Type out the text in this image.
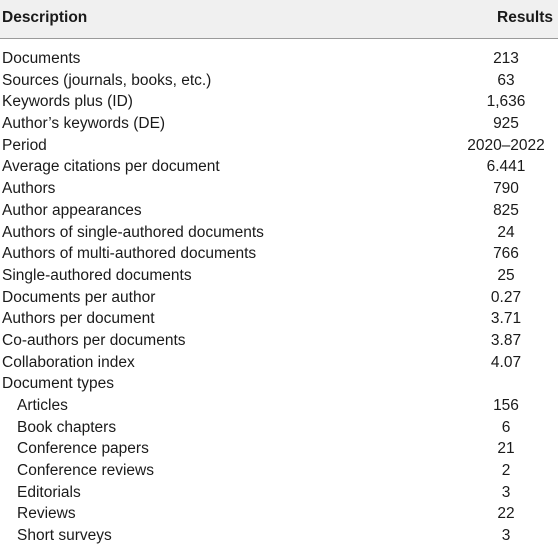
Description	Results
Documents	213
Sources (journals, books, etc.)	63
Keywords plus (ID)	1,636
Author’s keywords (DE)	925
Period	2020–2022
Average citations per document	6.441
Authors	790
Author appearances	825
Authors of single-authored documents	24
Authors of multi-authored documents	766
Single-authored documents	25
Documents per author	0.27
Authors per document	3.71
Co-authors per documents	3.87
Collaboration index	4.07
Document types
Articles	156
Book chapters	6
Conference papers	21
Conference reviews	2
Editorials	3
Reviews	22
Short surveys	3
